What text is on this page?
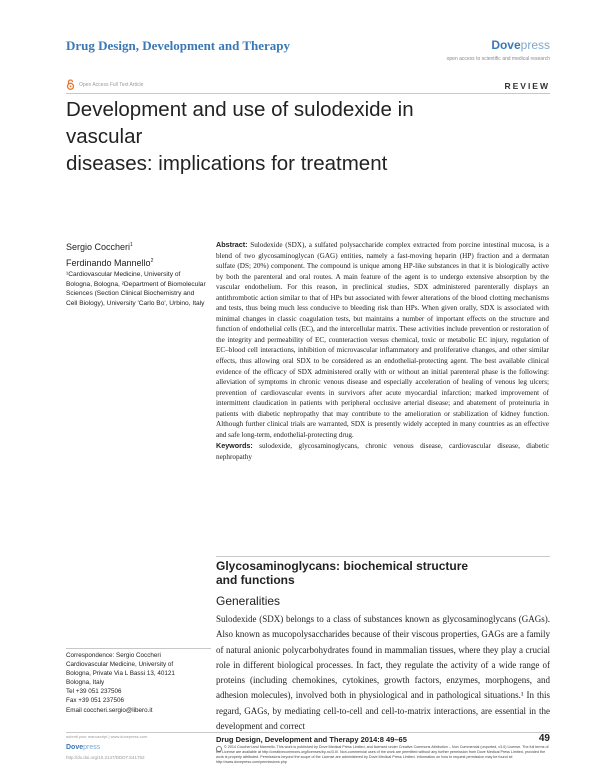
Drug Design, Development and Therapy	Dovepress
open access to scientific and medical research
Open Access Full Text Article	REVIEW
Development and use of sulodexide in vascular
diseases: implications for treatment
Sergio Coccheri$^1$
Ferdinando Mannello$^2$
¹Cardiovascular Medicine, University of Bologna, Bologna, ²Department of Biomolecular Sciences (Section Clinical Biochemistry and Cell Biology), University 'Carlo Bo', Urbino, Italy
Abstract: Sulodexide (SDX), a sulfated polysaccharide complex extracted from porcine intestinal mucosa, is a blend of two glycosaminoglycan (GAG) entities, namely a fast-moving heparin (HP) fraction and a dermatan sulfate (DS; 20%) component. The compound is unique among HP-like substances in that it is biologically active by both the parenteral and oral routes. A main feature of the agent is to undergo extensive absorption by the vascular endothelium. For this reason, in preclinical studies, SDX administered parenterally displays an antithrombotic action similar to that of HPs but associated with fewer alterations of the blood clotting mechanisms and tests, thus being much less conducive to bleeding risk than HPs. When given orally, SDX is associated with minimal changes in classic coagulation tests, but maintains a number of important effects on the structure and function of endothelial cells (EC), and the intercellular matrix. These activities include prevention or restoration of the integrity and permeability of EC, counteraction versus chemical, toxic or metabolic EC injury, regulation of EC–blood cell interactions, inhibition of microvascular inflammatory and proliferative changes, and other similar effects, thus allowing oral SDX to be considered as an endothelial-protecting agent. The best available clinical evidence of the efficacy of SDX administered orally with or without an initial parenteral phase is the following: alleviation of symptoms in chronic venous disease and especially acceleration of healing of venous leg ulcers; prevention of cardiovascular events in survivors after acute myocardial infarction; marked improvement of intermittent claudication in patients with peripheral occlusive arterial disease; and abatement of proteinuria in patients with diabetic nephropathy that may contribute to the amelioration or stabilization of kidney function. Although further clinical trials are warranted, SDX is presently widely accepted in many countries as an effective and safe long-term, endothelial-protecting drug.
Keywords: sulodexide, glycosaminoglycans, chronic venous disease, cardiovascular disease, diabetic nephropathy
Glycosaminoglycans: biochemical structure
and functions
Generalities
Sulodexide (SDX) belongs to a class of substances known as glycosaminoglycans (GAGs). Also known as mucopolysaccharides because of their viscous properties, GAGs are a family of natural anionic polycarbohydrates found in mammalian tissues, where they play a crucial role in different biological processes. In fact, they regulate the activity of a wide range of proteins (including chemokines, cytokines, growth factors, enzymes, morphogens, and adhesion molecules), involved both in physiological and in pathological situations.¹ In this regard, GAGs, by mediating cell-to-cell and cell-to-matrix interactions, are essential in the development and correct
Correspondence: Sergio Coccheri
Cardiovascular Medicine, University of
Bologna, Private Via L Bassi 13, 40121
Bologna, Italy
Tel +39 051 237506
Fax +39 051 237506
Email coccheri.sergio@libero.it
submit your manuscript | www.dovepress.com
Dovepress
http://dx.doi.org/10.2147/DDDT.S41763
Drug Design, Development and Therapy 2014:8 49–65	49
© 2014 Coccheri and Mannello. This work is published by Dove Medical Press Limited, and licensed under Creative Commons Attribution – Non Commercial (unported, v3.0) License. The full terms of the License are available at http://creativecommons.org/licenses/by-nc/3.0/. Non-commercial uses of the work are permitted without any further permission from Dove Medical Press Limited, provided the work is properly attributed. Permissions beyond the scope of the License are administered by Dove Medical Press Limited. Information on how to request permission may be found at: http://www.dovepress.com/permissions.php
